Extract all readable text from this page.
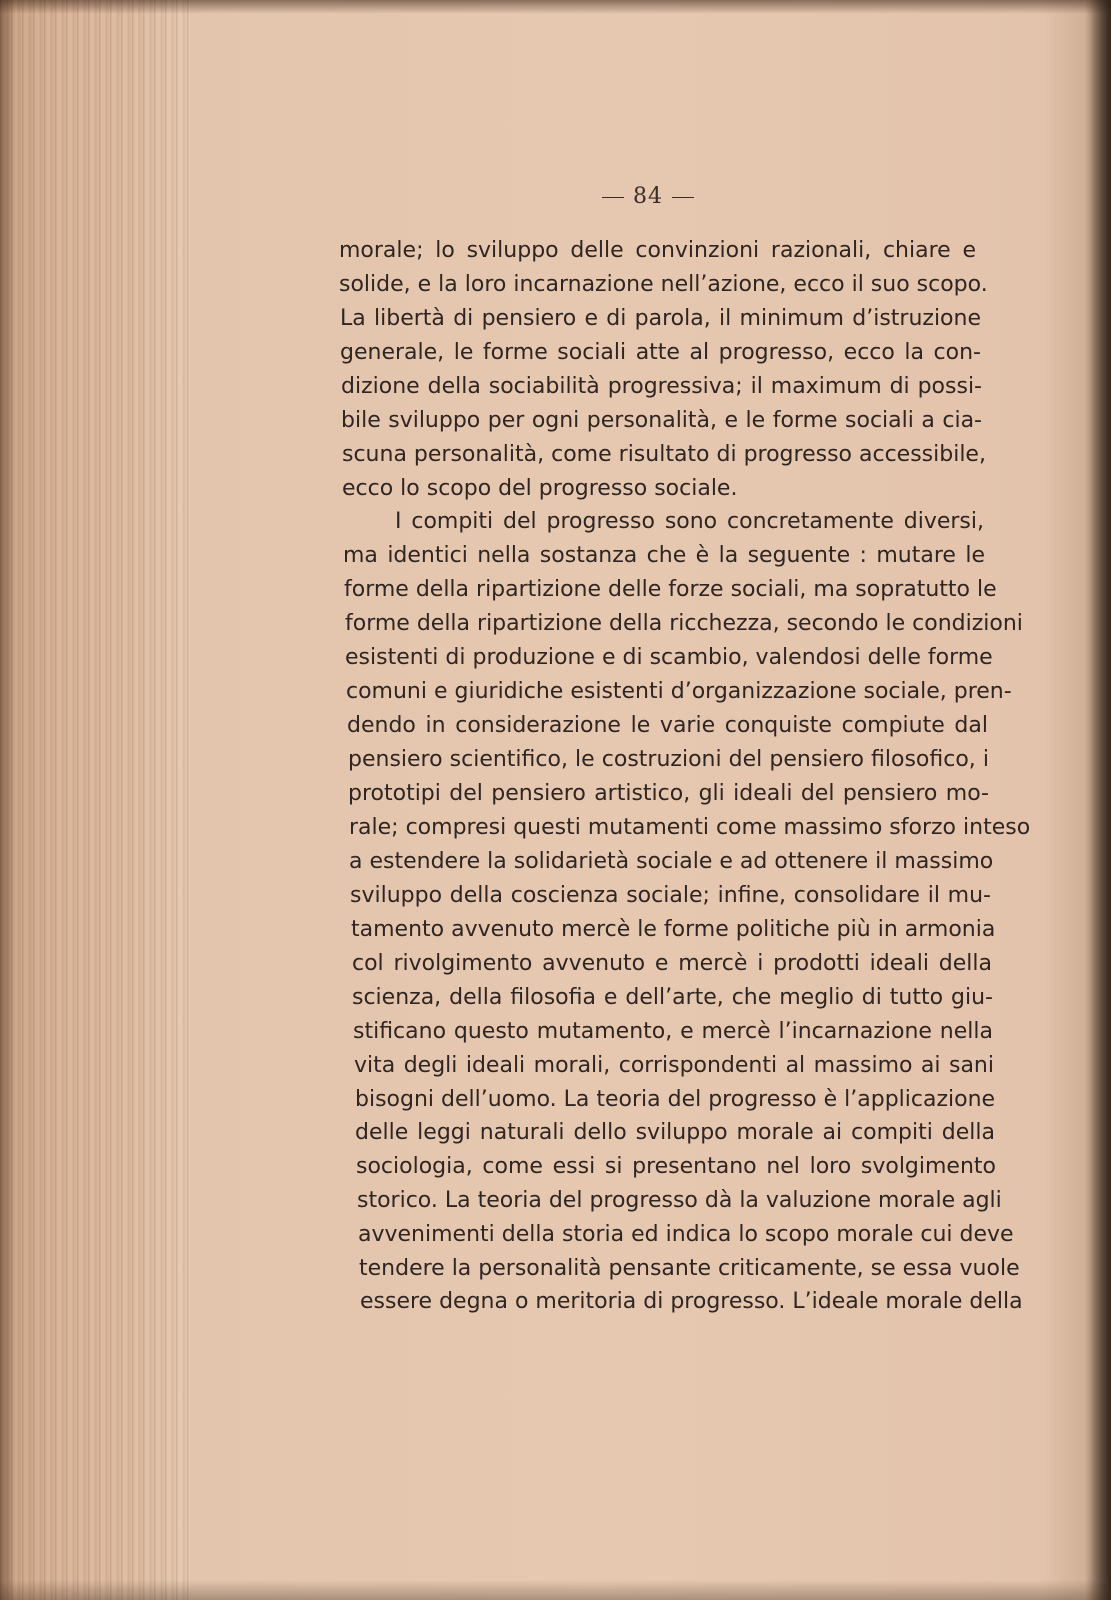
84
morale; lo sviluppo delle convinzioni razionali, chiare e
solide, e la loro incarnazione nell’azione, ecco il suo scopo.
La libertà di pensiero e di parola, il minimum d’istruzione
generale, le forme sociali atte al progresso, ecco la con-
dizione della sociabilità progressiva; il maximum di possi-
bile sviluppo per ogni personalità, e le forme sociali a cia-
scuna personalità, come risultato di progresso accessibile,
ecco lo scopo del progresso sociale.
I compiti del progresso sono concretamente diversi,
ma identici nella sostanza che è la seguente : mutare le
forme della ripartizione delle forze sociali, ma sopratutto le
forme della ripartizione della ricchezza, secondo le condizioni
esistenti di produzione e di scambio, valendosi delle forme
comuni e giuridiche esistenti d’organizzazione sociale, pren-
dendo in considerazione le varie conquiste compiute dal
pensiero scientifico, le costruzioni del pensiero filosofico, i
prototipi del pensiero artistico, gli ideali del pensiero mo-
rale; compresi questi mutamenti come massimo sforzo inteso
a estendere la solidarietà sociale e ad ottenere il massimo
sviluppo della coscienza sociale; infine, consolidare il mu-
tamento avvenuto mercè le forme politiche più in armonia
col rivolgimento avvenuto e mercè i prodotti ideali della
scienza, della filosofia e dell’arte, che meglio di tutto giu-
stificano questo mutamento, e mercè l’incarnazione nella
vita degli ideali morali, corrispondenti al massimo ai sani
bisogni dell’uomo. La teoria del progresso è l’applicazione
delle leggi naturali dello sviluppo morale ai compiti della
sociologia, come essi si presentano nel loro svolgimento
storico. La teoria del progresso dà la valuzione morale agli
avvenimenti della storia ed indica lo scopo morale cui deve
tendere la personalità pensante criticamente, se essa vuole
essere degna o meritoria di progresso. L’ideale morale della
